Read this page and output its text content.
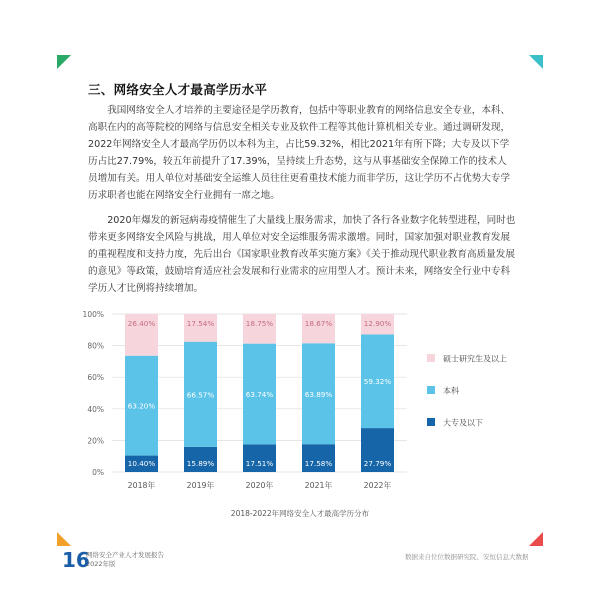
三、网络安全人才最高学历水平

我国网络安全人才培养的主要途径是学历教育，包括中等职业教育的网络信息安全专业，本科、高职在内的高等院校的网络与信息安全相关专业及软件工程等其他计算机相关专业。通过调研发现，2022年网络安全人才最高学历仍以本科为主，占比59.32%，相比2021年有所下降；大专及以下学历占比27.79%，较五年前提升了17.39%，呈持续上升态势，这与从事基础安全保障工作的技术人员增加有关。用人单位对基础安全运维人员往往更看重技术能力而非学历，这让学历不占优势大专学历求职者也能在网络安全行业拥有一席之地。

2020年爆发的新冠病毒疫情催生了大量线上服务需求，加快了各行各业数字化转型进程，同时也带来更多网络安全风险与挑战，用人单位对安全运维服务需求激增。同时，国家加强对职业教育发展的重视程度和支持力度，先后出台《国家职业教育改革实施方案》《关于推动现代职业教育高质量发展的意见》等政策，鼓励培育适应社会发展和行业需求的应用型人才。预计未来，网络安全行业中专科学历人才比例将持续增加。

0%
20%
40%
60%
80%
100%
10.40%
63.20%
26.40%
2018年
15.89%
66.57%
17.54%
2019年
17.51%
63.74%
18.75%
2020年
17.58%
63.89%
18.67%
2021年
27.79%
59.32%
12.90%
2022年
硕士研究生及以上
本科
大专及以下
2018-2022年网络安全人才最高学历分布
16
网络安全产业人才发展报告
2022年版
数据来自位位数据研究院、安恒信息大数据
